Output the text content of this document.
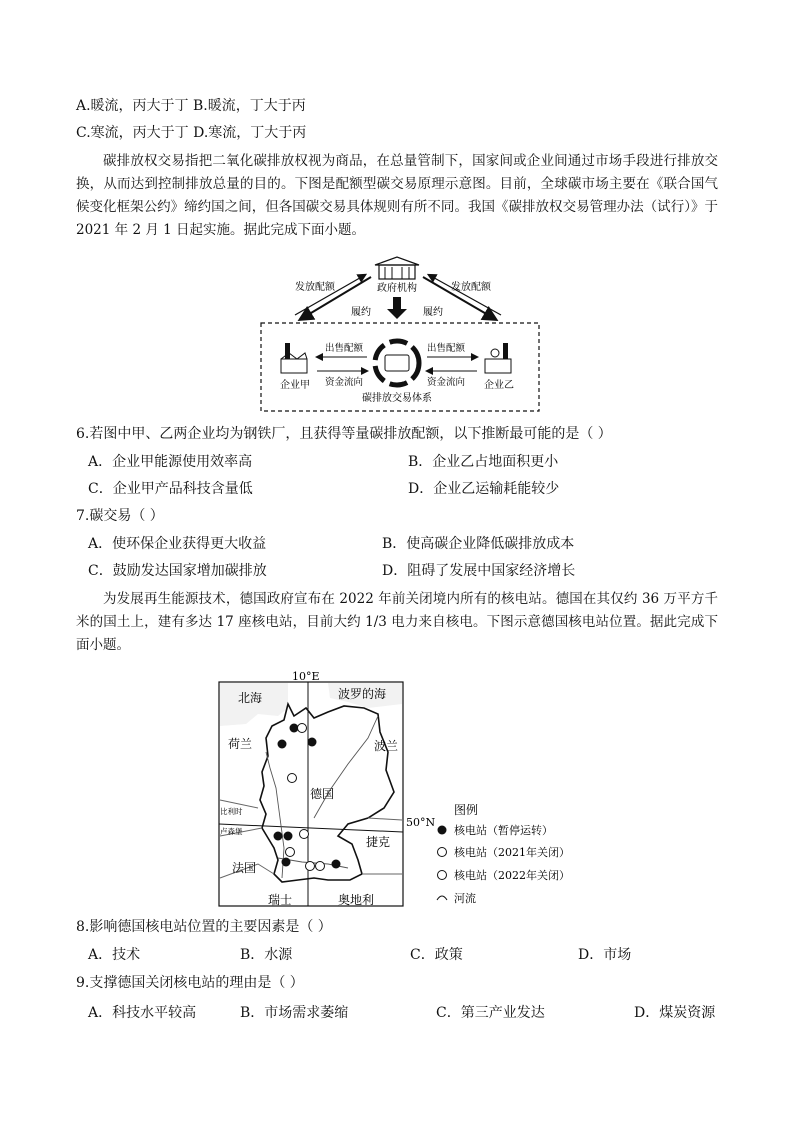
A.暖流，丙大于丁 B.暖流，丁大于丙
C.寒流，丙大于丁 D.寒流，丁大于丙
碳排放权交易指把二氧化碳排放权视为商品，在总量管制下，国家间或企业间通过市场手段进行排放交换，从而达到控制排放总量的目的。下图是配额型碳交易原理示意图。目前，全球碳市场主要在《联合国气候变化框架公约》缔约国之间，但各国碳交易具体规则有所不同。我国《碳排放权交易管理办法（试行）》于 2021 年 2 月 1 日起实施。据此完成下面小题。
政府机构
发放配额	发放配额
履约	履约
企业甲	企业乙
出售配额
资金流向
出售配额
资金流向
碳排放交易体系
6.若图中甲、乙两企业均为钢铁厂，且获得等量碳排放配额，以下推断最可能的是（ ）
A．企业甲能源使用效率高	B．企业乙占地面积更小
C．企业甲产品科技含量低	D．企业乙运输耗能较少
7.碳交易（ ）
A．使环保企业获得更大收益	B．使高碳企业降低碳排放成本
C．鼓励发达国家增加碳排放	D．阻碍了发展中国家经济增长
为发展再生能源技术，德国政府宣布在 2022 年前关闭境内所有的核电站。德国在其仅约 36 万平方千米的国土上，建有多达 17 座核电站，目前大约 1/3 电力来自核电。下图示意德国核电站位置。据此完成下面小题。
10°E
50°N
北海	波罗的海
荷兰	波兰
德国
比利时
卢森堡
捷克
法国
瑞士	奥地利
图例
核电站（暂停运转）
核电站（2021年关闭）
核电站（2022年关闭）
河流
8.影响德国核电站位置的主要因素是（ ）
A．技术	B．水源	C．政策	D．市场
9.支撑德国关闭核电站的理由是（ ）
A．科技水平较高	B．市场需求萎缩	C．第三产业发达	D．煤炭资源
